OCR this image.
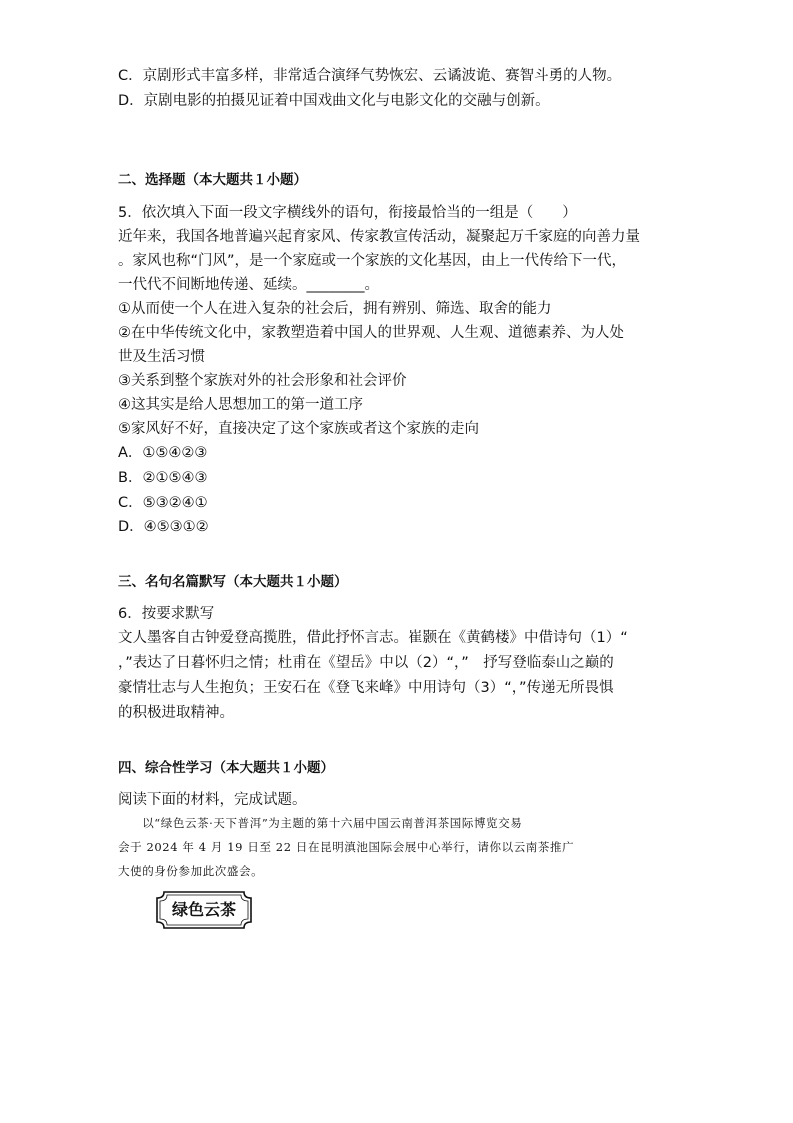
C．京剧形式丰富多样，非常适合演绎气势恢宏、云谲波诡、赛智斗勇的人物。
D．京剧电影的拍摄见证着中国戏曲文化与电影文化的交融与创新。
二、选择题（本大题共１小题）
5．依次填入下面一段文字横线外的语句，衔接最恰当的一组是（　　）
近年来，我国各地普遍兴起育家风、传家教宣传活动，凝聚起万千家庭的向善力量
。家风也称“门风”，是一个家庭或一个家族的文化基因，由上一代传给下一代，
一代代不间断地传递、延续。________。
①从而使一个人在进入复杂的社会后，拥有辨别、筛选、取舍的能力
②在中华传统文化中，家教塑造着中国人的世界观、人生观、道德素养、为人处
世及生活习惯
③关系到整个家族对外的社会形象和社会评价
④这其实是给人思想加工的第一道工序
⑤家风好不好，直接决定了这个家族或者这个家族的走向
A．①⑤④②③
B．②①⑤④③
C．⑤③②④①
D．④⑤③①②
三、名句名篇默写（本大题共１小题）
6．按要求默写
文人墨客自古钟爱登高揽胜，借此抒怀言志。崔颢在《黄鹤楼》中借诗句（1）“
，”表达了日暮怀归之情；杜甫在《望岳》中以（2）“，”　抒写登临泰山之巅的
豪情壮志与人生抱负；王安石在《登飞来峰》中用诗句（3）“，”传递无所畏惧
的积极进取精神。
四、综合性学习（本大题共１小题）
阅读下面的材料，完成试题。
　　以“绿色云茶·天下普洱”为主题的第十六届中国云南普洱茶国际博览交易
会于 2024 年 4 月 19 日至 22 日在昆明滇池国际会展中心举行，请你以云南茶推广
大使的身份参加此次盛会。
绿色云茶
